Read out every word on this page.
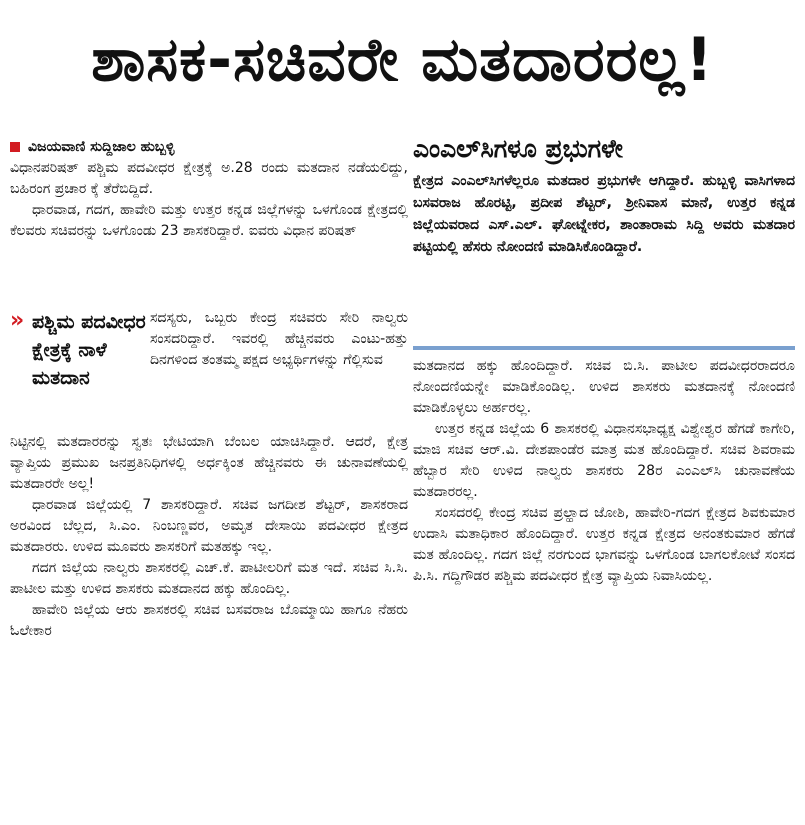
ಶಾಸಕ-ಸಚಿವರೇ ಮತದಾರರಲ್ಲ!
ವಿಜಯವಾಣಿ ಸುದ್ದಿಜಾಲ ಹುಬ್ಬಳ್ಳಿ

ವಿಧಾನಪರಿಷತ್ ಪಶ್ಚಿಮ ಪದವೀಧರ ಕ್ಷೇತ್ರಕ್ಕೆ ಅ.28 ರಂದು ಮತದಾನ ನಡೆಯಲಿದ್ದು, ಬಹಿರಂಗ ಪ್ರಚಾರ ಕ್ಕೆ ತೆರೆಬಿದ್ದಿದೆ.

ಧಾರವಾಡ, ಗದಗ, ಹಾವೇರಿ ಮತ್ತು ಉತ್ತರ ಕನ್ನಡ ಜಿಲ್ಲೆಗಳನ್ನು ಒಳಗೊಂಡ ಕ್ಷೇತ್ರದಲ್ಲಿ ಕೆಲವರು ಸಚಿವರನ್ನು ಒಳಗೊಂಡು 23 ಶಾಸಕರಿದ್ದಾರೆ. ಐವರು ವಿಧಾನ ಪರಿಷತ್

» ಪಶ್ಚಿಮ ಪದವೀಧರ ಕ್ಷೇತ್ರಕ್ಕೆ ನಾಳೆ ಮತದಾನ

ಸದಸ್ಯರು, ಒಬ್ಬರು ಕೇಂದ್ರ ಸಚಿವರು ಸೇರಿ ನಾಲ್ವರು ಸಂಸದರಿದ್ದಾರೆ. ಇವರಲ್ಲಿ ಹೆಚ್ಚಿನವರು ಎಂಟು-ಹತ್ತು ದಿನಗಳಿಂದ ತಂತಮ್ಮ ಪಕ್ಷದ ಅಭ್ಯರ್ಥಿಗಳನ್ನು ಗೆಲ್ಲಿಸುವ

ನಿಟ್ಟಿನಲ್ಲಿ ಮತದಾರರನ್ನು ಸ್ವತಃ ಭೇಟಿಯಾಗಿ ಬೆಂಬಲ ಯಾಚಿಸಿದ್ದಾರೆ. ಆದರೆ, ಕ್ಷೇತ್ರ ವ್ಯಾಪ್ತಿಯ ಪ್ರಮುಖ ಜನಪ್ರತಿನಿಧಿಗಳಲ್ಲಿ ಅರ್ಧಕ್ಕಿಂತ ಹೆಚ್ಚಿನವರು ಈ ಚುನಾವಣೆಯಲ್ಲಿ ಮತದಾರರೇ ಅಲ್ಲ!

ಧಾರವಾಡ ಜಿಲ್ಲೆಯಲ್ಲಿ 7 ಶಾಸಕರಿದ್ದಾರೆ. ಸಚಿವ ಜಗದೀಶ ಶೆಟ್ಟರ್, ಶಾಸಕರಾದ ಅರವಿಂದ ಬೆಲ್ಲದ, ಸಿ.ಎಂ. ನಿಂಬಣ್ಣವರ, ಅಮೃತ ದೇಸಾಯಿ ಪದವೀಧರ ಕ್ಷೇತ್ರದ ಮತದಾರರು. ಉಳಿದ ಮೂವರು ಶಾಸಕರಿಗೆ ಮತಹಕ್ಕು ಇಲ್ಲ.

ಗದಗ ಜಿಲ್ಲೆಯ ನಾಲ್ವರು ಶಾಸಕರಲ್ಲಿ ಎಚ್.ಕೆ. ಪಾಟೀಲರಿಗೆ ಮತ ಇದೆ. ಸಚಿವ ಸಿ.ಸಿ. ಪಾಟೀಲ ಮತ್ತು ಉಳಿದ ಶಾಸಕರು ಮತದಾನದ ಹಕ್ಕು ಹೊಂದಿಲ್ಲ.

ಹಾವೇರಿ ಜಿಲ್ಲೆಯ ಆರು ಶಾಸಕರಲ್ಲಿ ಸಚಿವ ಬಸವರಾಜ ಬೊಮ್ಮಾಯಿ ಹಾಗೂ ನೆಹರು ಓಲೇಕಾರ

ಎಂಎಲ್‌ಸಿಗಳೂ ಪ್ರಭುಗಳೇ
ಕ್ಷೇತ್ರದ ಎಂಎಲ್‌ಸಿಗಳೆಲ್ಲರೂ ಮತದಾರ ಪ್ರಭುಗಳೇ ಆಗಿದ್ದಾರೆ. ಹುಬ್ಬಳ್ಳಿ ವಾಸಿಗಳಾದ ಬಸವರಾಜ ಹೊರಟ್ಟಿ, ಪ್ರದೀಪ ಶೆಟ್ಟರ್, ಶ್ರೀನಿವಾಸ ಮಾನೆ, ಉತ್ತರ ಕನ್ನಡ ಜಿಲ್ಲೆಯವರಾದ ಎಸ್.ಎಲ್. ಘೋಟ್ನೇಕರ, ಶಾಂತಾರಾಮ ಸಿದ್ದಿ ಅವರು ಮತದಾರ ಪಟ್ಟಿಯಲ್ಲಿ ಹೆಸರು ನೋಂದಣಿ ಮಾಡಿಸಿಕೊಂಡಿದ್ದಾರೆ.

ಮತದಾನದ ಹಕ್ಕು ಹೊಂದಿದ್ದಾರೆ. ಸಚಿವ ಬಿ.ಸಿ. ಪಾಟೀಲ ಪದವೀಧರರಾದರೂ ನೋಂದಣಿಯನ್ನೇ ಮಾಡಿಕೊಂಡಿಲ್ಲ. ಉಳಿದ ಶಾಸಕರು ಮತದಾನಕ್ಕೆ ನೋಂದಣಿ ಮಾಡಿಕೊಳ್ಳಲು ಅರ್ಹರಲ್ಲ.

ಉತ್ತರ ಕನ್ನಡ ಜಿಲ್ಲೆಯ 6 ಶಾಸಕರಲ್ಲಿ ವಿಧಾನಸಭಾಧ್ಯಕ್ಷ ವಿಶ್ವೇಶ್ವರ ಹೆಗಡೆ ಕಾಗೇರಿ, ಮಾಜಿ ಸಚಿವ ಆರ್.ವಿ. ದೇಶಪಾಂಡೆರ ಮಾತ್ರ ಮತ ಹೊಂದಿದ್ದಾರೆ. ಸಚಿವ ಶಿವರಾಮ ಹೆಬ್ಬಾರ ಸೇರಿ ಉಳಿದ ನಾಲ್ವರು ಶಾಸಕರು 28ರ ಎಂಎಲ್‌ಸಿ ಚುನಾವಣೆಯ ಮತದಾರರಲ್ಲ.

ಸಂಸದರಲ್ಲಿ ಕೇಂದ್ರ ಸಚಿವ ಪ್ರಲ್ಹಾದ ಜೋಶಿ, ಹಾವೇರಿ-ಗದಗ ಕ್ಷೇತ್ರದ ಶಿವಕುಮಾರ ಉದಾಸಿ ಮತಾಧಿಕಾರ ಹೊಂದಿದ್ದಾರೆ. ಉತ್ತರ ಕನ್ನಡ ಕ್ಷೇತ್ರದ ಅನಂತಕುಮಾರ ಹೆಗಡೆ ಮತ ಹೊಂದಿಲ್ಲ. ಗದಗ ಜಿಲ್ಲೆ ನರಗುಂದ ಭಾಗವನ್ನು ಒಳಗೊಂಡ ಬಾಗಲಕೋಟೆ ಸಂಸದ ಪಿ.ಸಿ. ಗದ್ದಿಗೌಡರ ಪಶ್ಚಿಮ ಪದವೀಧರ ಕ್ಷೇತ್ರ ವ್ಯಾಪ್ತಿಯ ನಿವಾಸಿಯಲ್ಲ.
